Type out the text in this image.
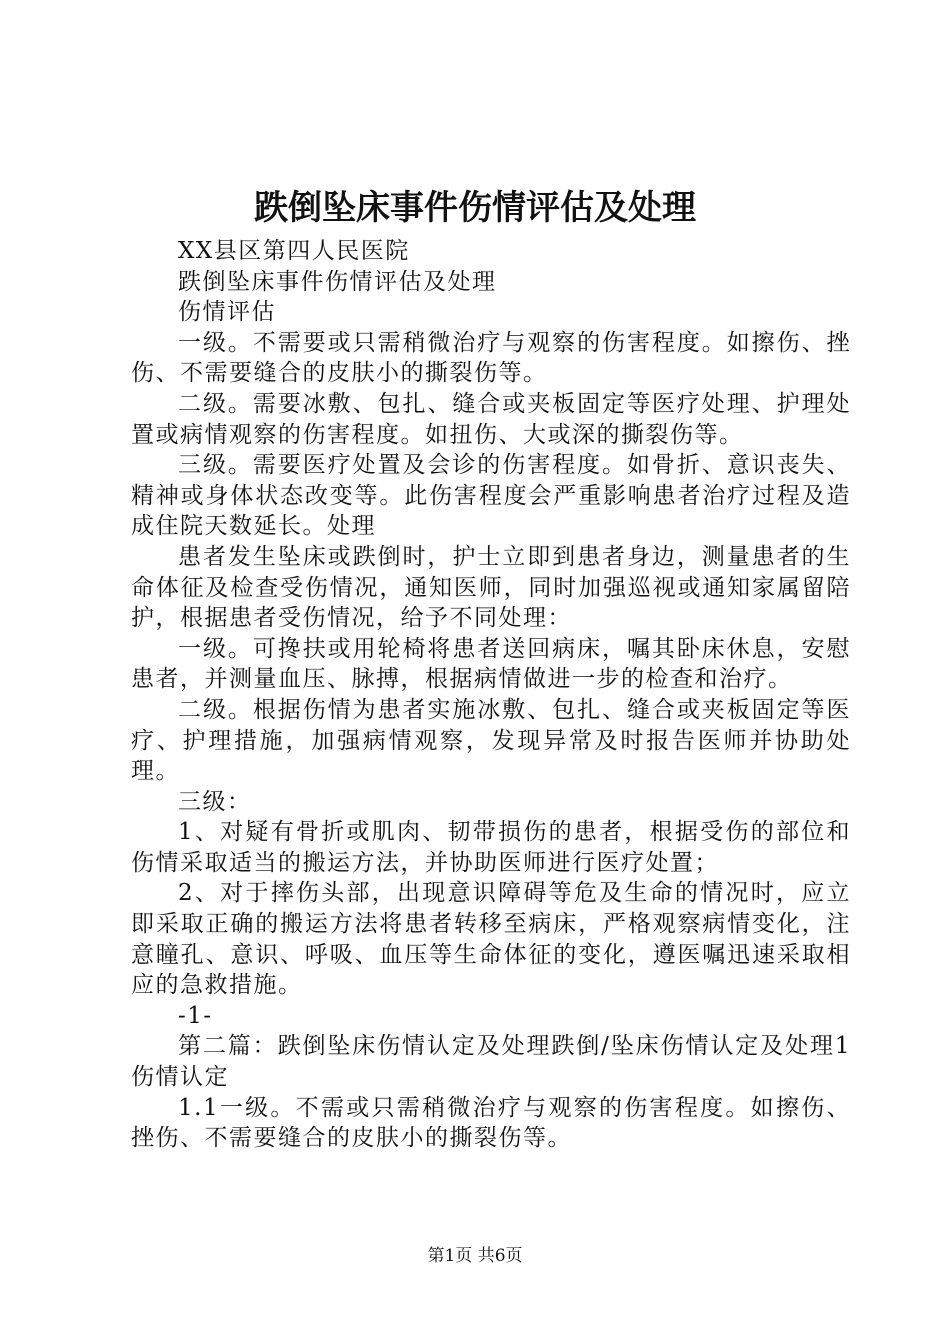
跌倒坠床事件伤情评估及处理

XX县区第四人民医院

跌倒坠床事件伤情评估及处理

伤情评估

一级。不需要或只需稍微治疗与观察的伤害程度。如擦伤、挫伤、不需要缝合的皮肤小的撕裂伤等。

二级。需要冰敷、包扎、缝合或夹板固定等医疗处理、护理处置或病情观察的伤害程度。如扭伤、大或深的撕裂伤等。

三级。需要医疗处置及会诊的伤害程度。如骨折、意识丧失、精神或身体状态改变等。此伤害程度会严重影响患者治疗过程及造成住院天数延长。处理

患者发生坠床或跌倒时，护士立即到患者身边，测量患者的生命体征及检查受伤情况，通知医师，同时加强巡视或通知家属留陪护，根据患者受伤情况，给予不同处理：

一级。可搀扶或用轮椅将患者送回病床，嘱其卧床休息，安慰患者，并测量血压、脉搏，根据病情做进一步的检查和治疗。

二级。根据伤情为患者实施冰敷、包扎、缝合或夹板固定等医疗、护理措施，加强病情观察，发现异常及时报告医师并协助处理。

三级：

1、对疑有骨折或肌肉、韧带损伤的患者，根据受伤的部位和伤情采取适当的搬运方法，并协助医师进行医疗处置；

2、对于摔伤头部，出现意识障碍等危及生命的情况时，应立即采取正确的搬运方法将患者转移至病床，严格观察病情变化，注意瞳孔、意识、呼吸、血压等生命体征的变化，遵医嘱迅速采取相应的急救措施。

-1-

第二篇：跌倒坠床伤情认定及处理跌倒/坠床伤情认定及处理1伤情认定

1.1一级。不需或只需稍微治疗与观察的伤害程度。如擦伤、挫伤、不需要缝合的皮肤小的撕裂伤等。

第1页 共6页
